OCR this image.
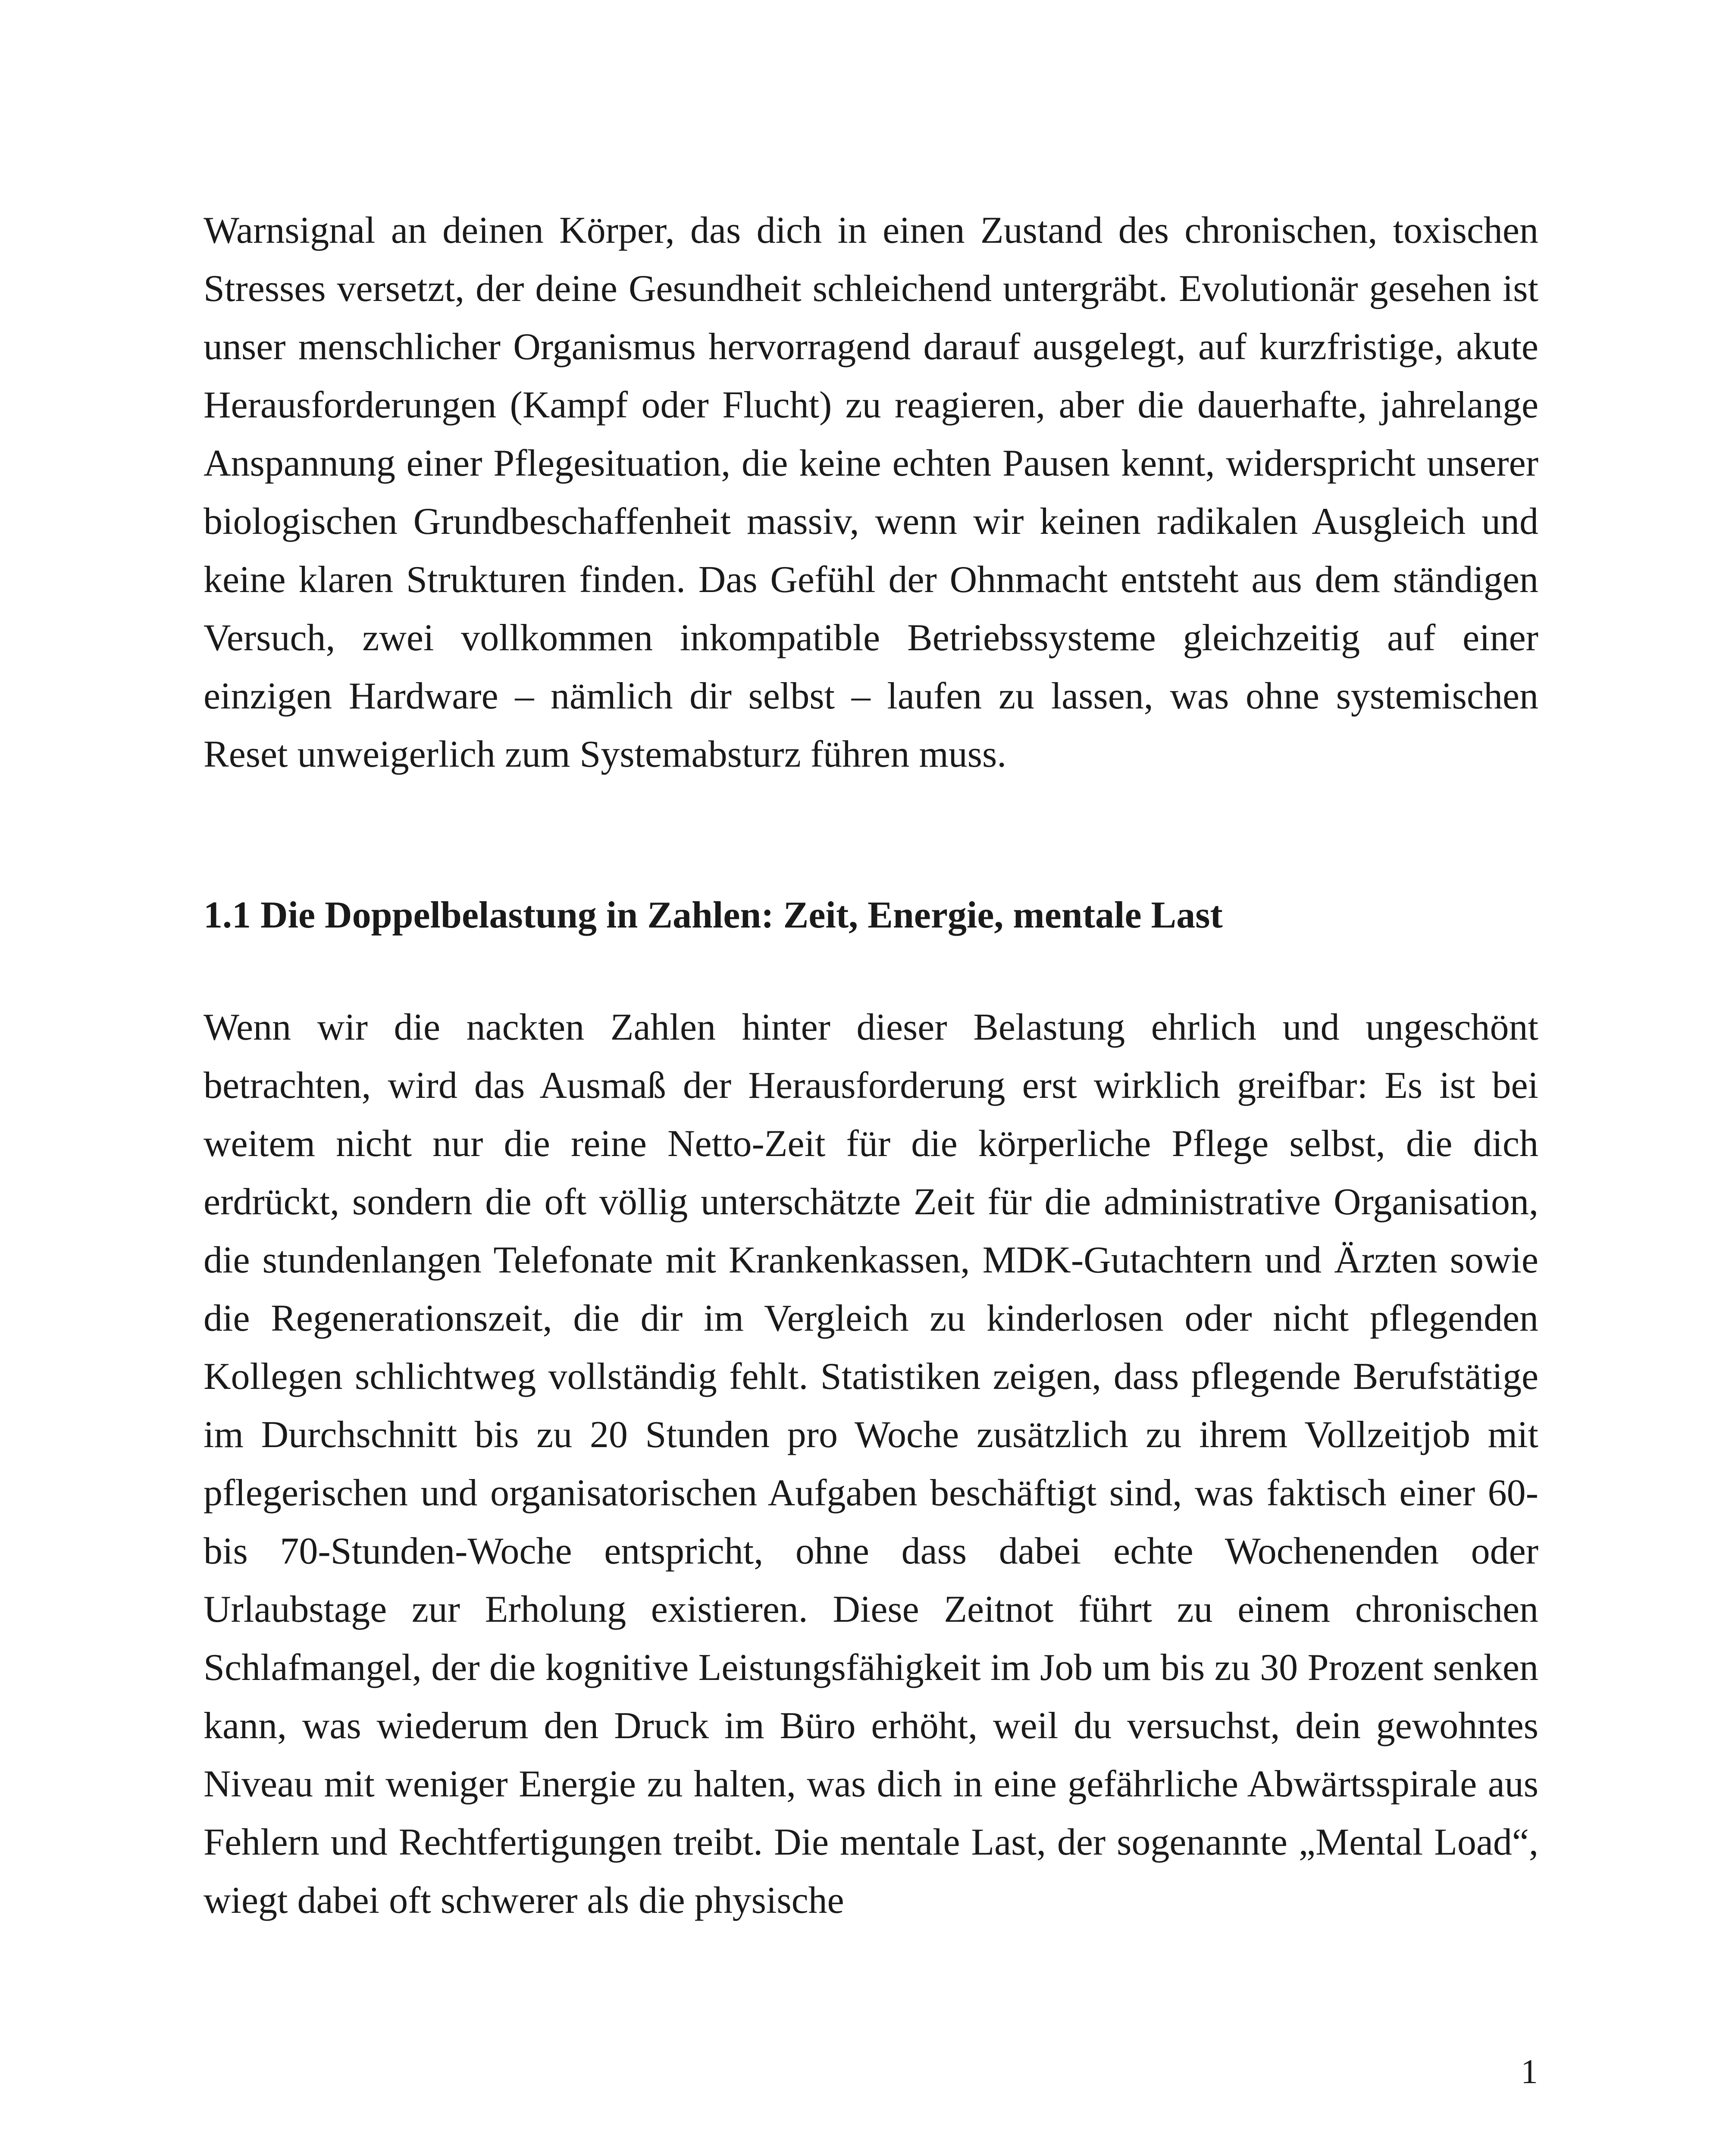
Warnsignal an deinen Körper, das dich in einen Zustand des chronischen, toxischen Stresses versetzt, der deine Gesundheit schleichend untergräbt. Evolutionär gesehen ist unser menschlicher Organismus hervorragend darauf ausgelegt, auf kurzfristige, akute Herausforderungen (Kampf oder Flucht) zu reagieren, aber die dauerhafte, jahrelange Anspannung einer Pflegesituation, die keine echten Pausen kennt, widerspricht unserer biologischen Grundbeschaffenheit massiv, wenn wir keinen radikalen Ausgleich und keine klaren Strukturen finden. Das Gefühl der Ohnmacht entsteht aus dem ständigen Versuch, zwei vollkommen inkompatible Betriebssysteme gleichzeitig auf einer einzigen Hardware – nämlich dir selbst – laufen zu lassen, was ohne systemischen Reset unweigerlich zum Systemabsturz führen muss.

1.1 Die Doppelbelastung in Zahlen: Zeit, Energie, mentale Last

Wenn wir die nackten Zahlen hinter dieser Belastung ehrlich und ungeschönt betrachten, wird das Ausmaß der Herausforderung erst wirklich greifbar: Es ist bei weitem nicht nur die reine Netto-Zeit für die körperliche Pflege selbst, die dich erdrückt, sondern die oft völlig unterschätzte Zeit für die administrative Organisation, die stundenlangen Telefonate mit Krankenkassen, MDK-Gutachtern und Ärzten sowie die Regenerationszeit, die dir im Vergleich zu kinderlosen oder nicht pflegenden Kollegen schlichtweg vollständig fehlt. Statistiken zeigen, dass pflegende Berufstätige im Durchschnitt bis zu 20 Stunden pro Woche zusätzlich zu ihrem Vollzeitjob mit pflegerischen und organisatorischen Aufgaben beschäftigt sind, was faktisch einer 60- bis 70-Stunden-Woche entspricht, ohne dass dabei echte Wochenenden oder Urlaubstage zur Erholung existieren. Diese Zeitnot führt zu einem chronischen Schlafmangel, der die kognitive Leistungsfähigkeit im Job um bis zu 30 Prozent senken kann, was wiederum den Druck im Büro erhöht, weil du versuchst, dein gewohntes Niveau mit weniger Energie zu halten, was dich in eine gefährliche Abwärtsspirale aus Fehlern und Rechtfertigungen treibt. Die mentale Last, der sogenannte „Mental Load“, wiegt dabei oft schwerer als die physische

1
